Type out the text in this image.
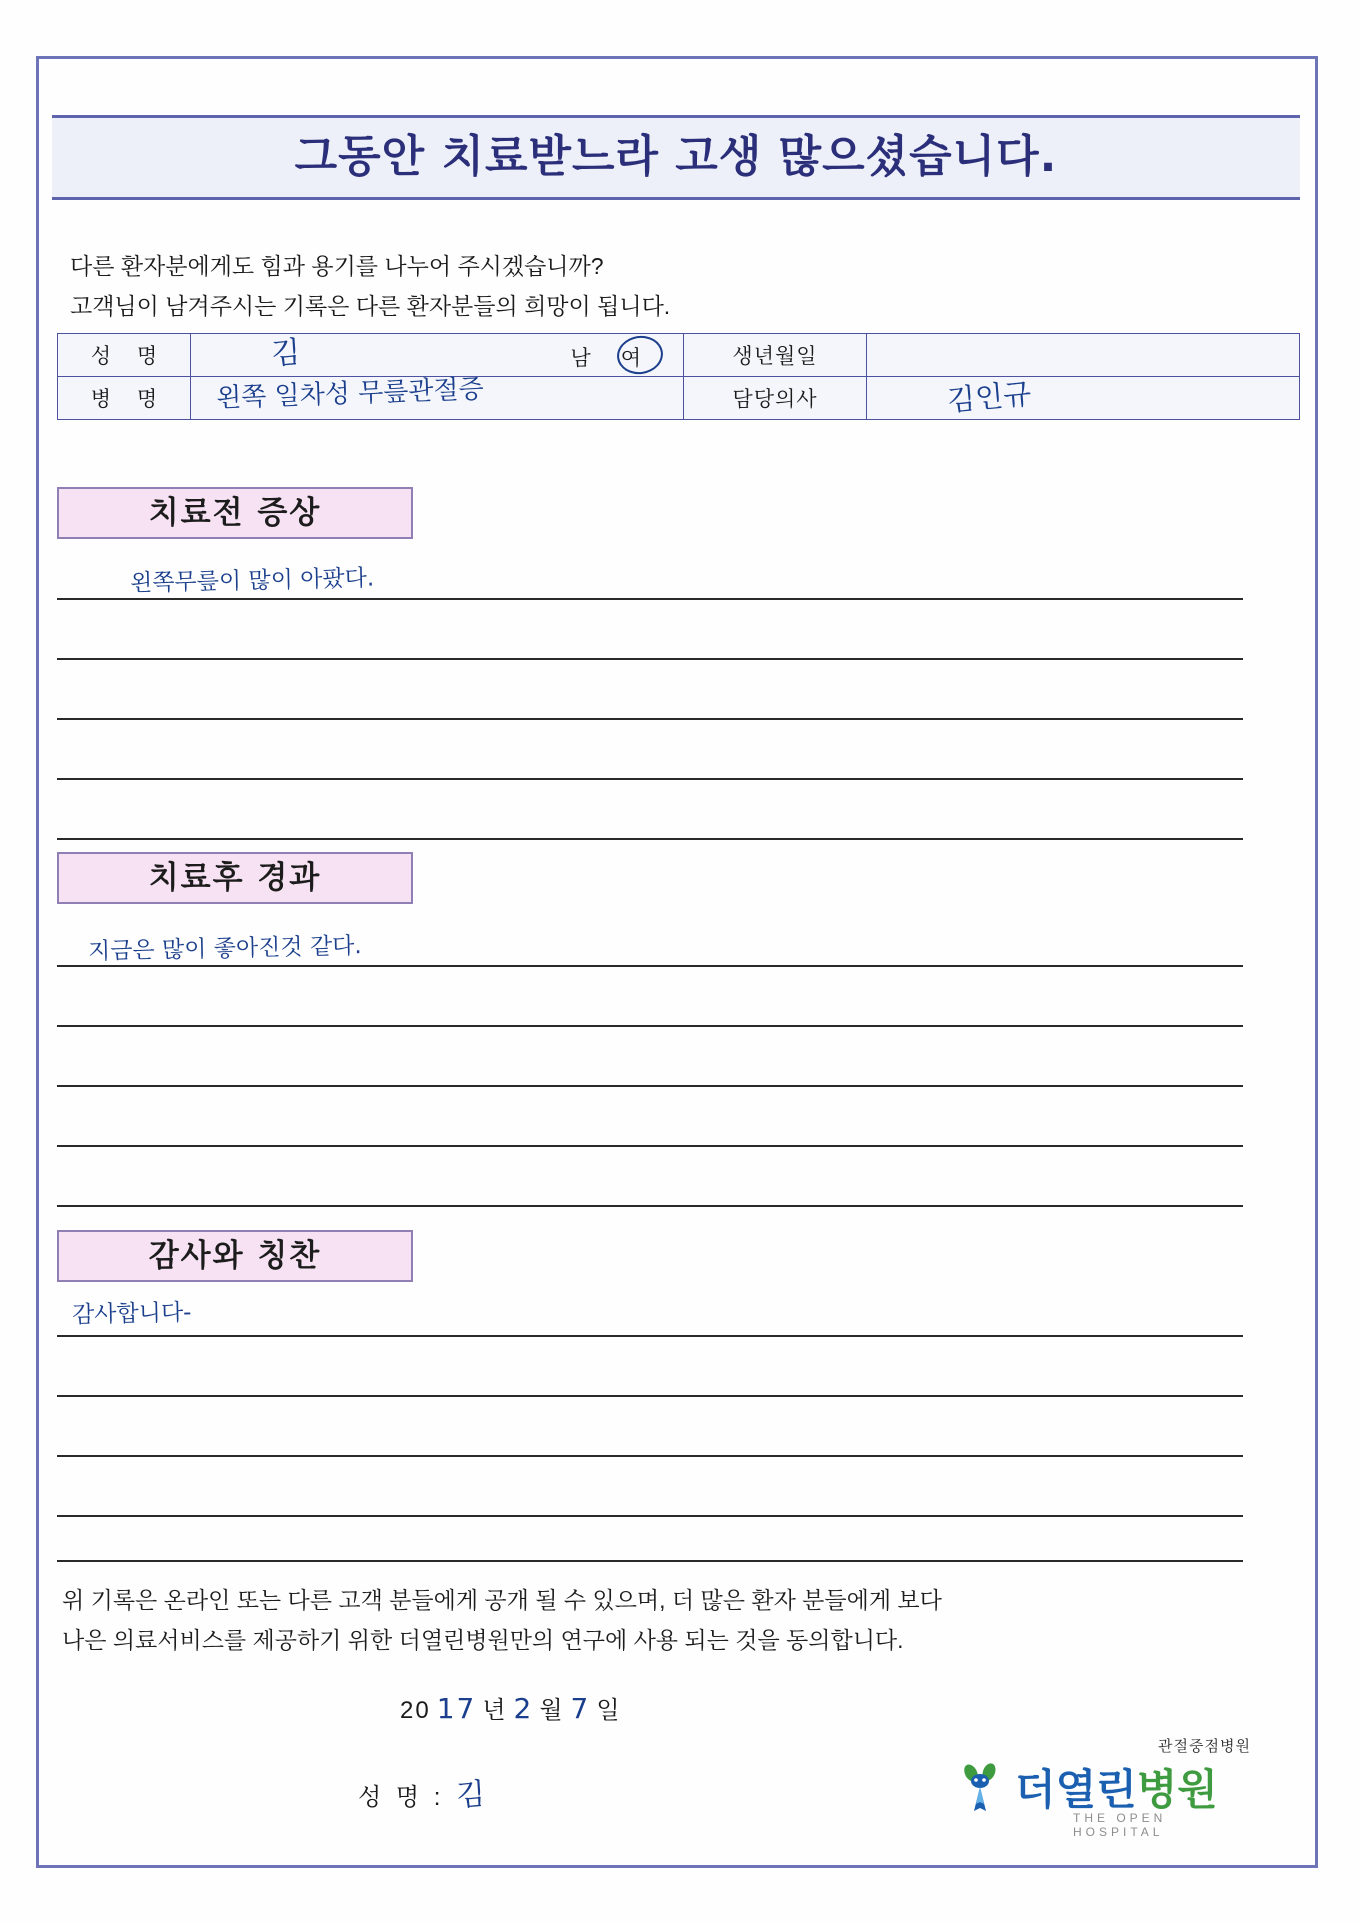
그동안 치료받느라 고생 많으셨습니다.
다른 환자분에게도 힘과 용기를 나누어 주시겠습니까?
고객님이 남겨주시는 기록은 다른 환자분들의 희망이 됩니다.
성 명	김 남여	생년월일	
병 명	왼쪽 일차성 무릎관절증	담당의사	김인규
치료전 증상
왼쪽무릎이 많이 아팠다.
치료후 경과
지금은 많이 좋아진것 같다.
감사와 칭찬
감사합니다-
위 기록은 온라인 또는 다른 고객 분들에게 공개 될 수 있으며, 더 많은 환자 분들에게 보다
나은 의료서비스를 제공하기 위한 더열린병원만의 연구에 사용 되는 것을 동의합니다.
20 17 년 2 월 7 일
성 명 : 김
관절중점병원
더열린병원
THE OPEN HOSPITAL
